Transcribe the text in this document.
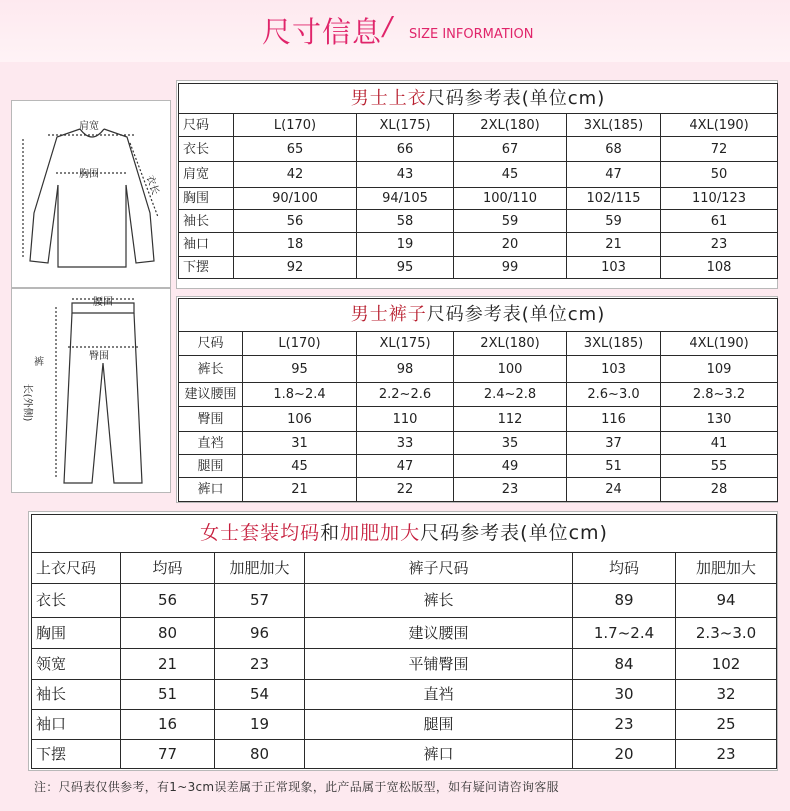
尺寸信息 / SIZE INFORMATION
肩宽
胸围	衣长
男士上衣尺码参考表(单位cm)					
尺码	L(170)	XL(175)	2XL(180)	3XL(185)	4XL(190)
衣长	65	66	67	68	72
肩宽	42	43	45	47	50
胸围	90/100	94/105	100/110	102/115	110/123
袖长	56	58	59	59	61
袖口	18	19	20	21	23
下摆	92	95	99	103	108
腰围
臀围
裤
长(外侧)
男士裤子尺码参考表(单位cm)					
尺码	L(170)	XL(175)	2XL(180)	3XL(185)	4XL(190)
裤长	95	98	100	103	109
建议腰围	1.8~2.4	2.2~2.6	2.4~2.8	2.6~3.0	2.8~3.2
臀围	106	110	112	116	130
直裆	31	33	35	37	41
腿围	45	47	49	51	55
裤口	21	22	23	24	28
女士套装均码和加肥加大尺码参考表(单位cm)					
上衣尺码	均码	加肥加大	裤子尺码	均码	加肥加大
衣长	56	57	裤长	89	94
胸围	80	96	建议腰围	1.7~2.4	2.3~3.0
领宽	21	23	平铺臀围	84	102
袖长	51	54	直裆	30	32
袖口	16	19	腿围	23	25
下摆	77	80	裤口	20	23
注：尺码表仅供参考，有1~3cm误差属于正常现象，此产品属于宽松版型，如有疑问请咨询客服
